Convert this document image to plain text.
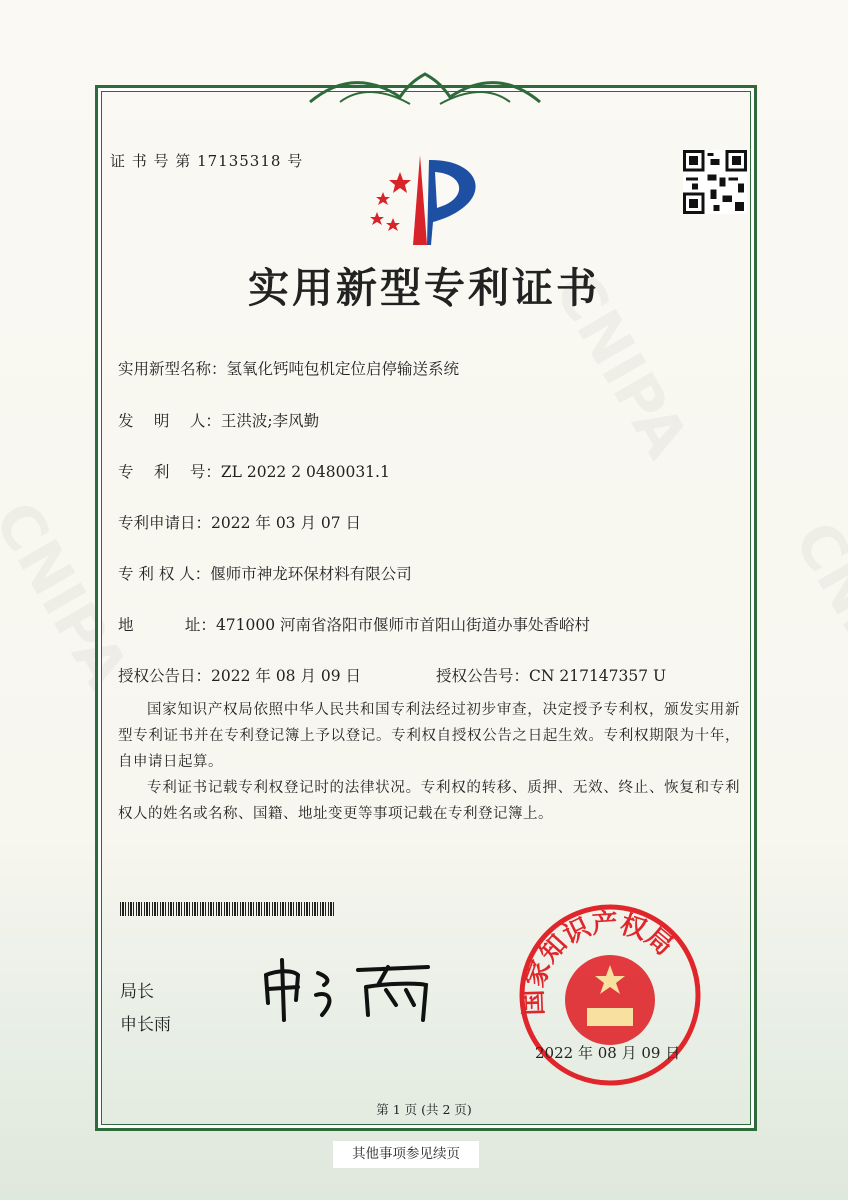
证 书 号 第 17135318 号
实用新型专利证书
实用新型名称：氢氧化钙吨包机定位启停输送系统
发　 明　 人：王洪波;李风勤
专　 利　 号：ZL 2022 2 0480031.1
专利申请日：2022 年 03 月 07 日
专 利 权 人：偃师市神龙环保材料有限公司
地　　　 址：471000 河南省洛阳市偃师市首阳山街道办事处香峪村
授权公告日：2022 年 08 月 09 日	授权公告号：CN 217147357 U
国家知识产权局依照中华人民共和国专利法经过初步审查，决定授予专利权，颁发实用新型专利证书并在专利登记簿上予以登记。专利权自授权公告之日起生效。专利权期限为十年，自申请日起算。
专利证书记载专利权登记时的法律状况。专利权的转移、质押、无效、终止、恢复和专利权人的姓名或名称、国籍、地址变更等事项记载在专利登记簿上。
局长
申长雨
国家知识产权局
2022 年 08 月 09 日
第 1 页 (共 2 页)
其他事项参见续页
